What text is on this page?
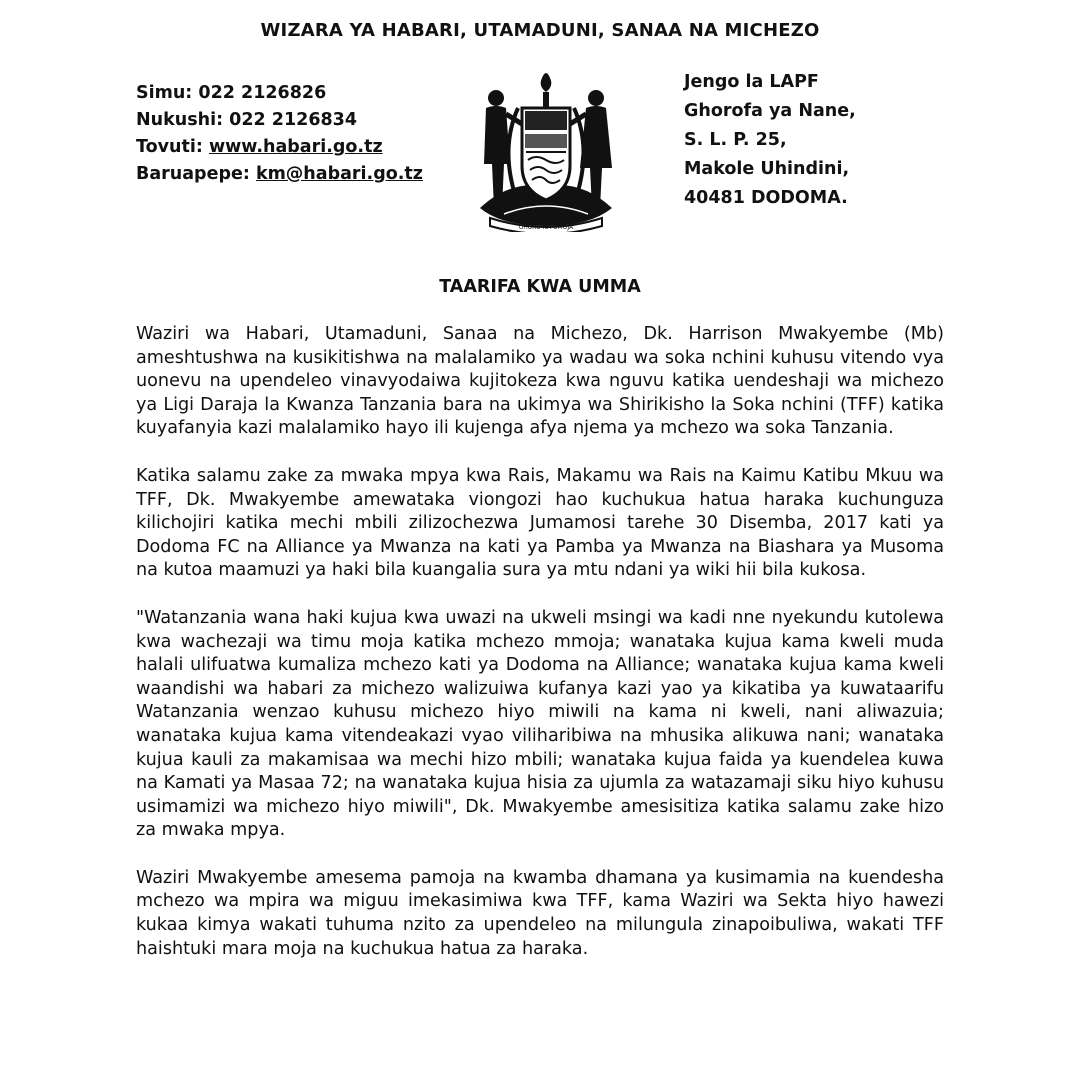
WIZARA YA HABARI, UTAMADUNI, SANAA NA MICHEZO
Simu: 022 2126826
Nukushi: 022 2126834
Tovuti: www.habari.go.tz
Baruapepe: km@habari.go.tz
UHURU NA UMOJA
Jengo la LAPF
Ghorofa ya Nane,
S. L. P. 25,
Makole Uhindini,
40481 DODOMA.
TAARIFA KWA UMMA

Waziri wa Habari, Utamaduni, Sanaa na Michezo, Dk. Harrison Mwakyembe (Mb) ameshtushwa na kusikitishwa na malalamiko ya wadau wa soka nchini kuhusu vitendo vya uonevu na upendeleo vinavyodaiwa kujitokeza kwa nguvu katika uendeshaji wa michezo ya Ligi Daraja la Kwanza Tanzania bara na ukimya wa Shirikisho la Soka nchini (TFF) katika kuyafanyia kazi malalamiko hayo ili kujenga afya njema ya mchezo wa soka Tanzania.

Katika salamu zake za mwaka mpya kwa Rais, Makamu wa Rais na Kaimu Katibu Mkuu wa TFF, Dk. Mwakyembe amewataka viongozi hao kuchukua hatua haraka kuchunguza kilichojiri katika mechi mbili zilizochezwa Jumamosi tarehe 30 Disemba, 2017 kati ya Dodoma FC na Alliance ya Mwanza na kati ya Pamba ya Mwanza na Biashara ya Musoma na kutoa maamuzi ya haki bila kuangalia sura ya mtu ndani ya wiki hii bila kukosa.

"Watanzania wana haki kujua kwa uwazi na ukweli msingi wa kadi nne nyekundu kutolewa kwa wachezaji wa timu moja katika mchezo mmoja; wanataka kujua kama kweli muda halali ulifuatwa kumaliza mchezo kati ya Dodoma na Alliance; wanataka kujua kama kweli waandishi wa habari za michezo walizuiwa kufanya kazi yao ya kikatiba ya kuwataarifu Watanzania wenzao kuhusu michezo hiyo miwili na kama ni kweli, nani aliwazuia; wanataka kujua kama vitendeakazi vyao viliharibiwa na mhusika alikuwa nani; wanataka kujua kauli za makamisaa wa mechi hizo mbili; wanataka kujua faida ya kuendelea kuwa na Kamati ya Masaa 72; na wanataka kujua hisia za ujumla za watazamaji siku hiyo kuhusu usimamizi wa michezo hiyo miwili", Dk. Mwakyembe amesisitiza katika salamu zake hizo za mwaka mpya.

Waziri Mwakyembe amesema pamoja na kwamba dhamana ya kusimamia na kuendesha mchezo wa mpira wa miguu imekasimiwa kwa TFF, kama Waziri wa Sekta hiyo hawezi kukaa kimya wakati tuhuma nzito za upendeleo na milungula zinapoibuliwa, wakati TFF haishtuki mara moja na kuchukua hatua za haraka.
